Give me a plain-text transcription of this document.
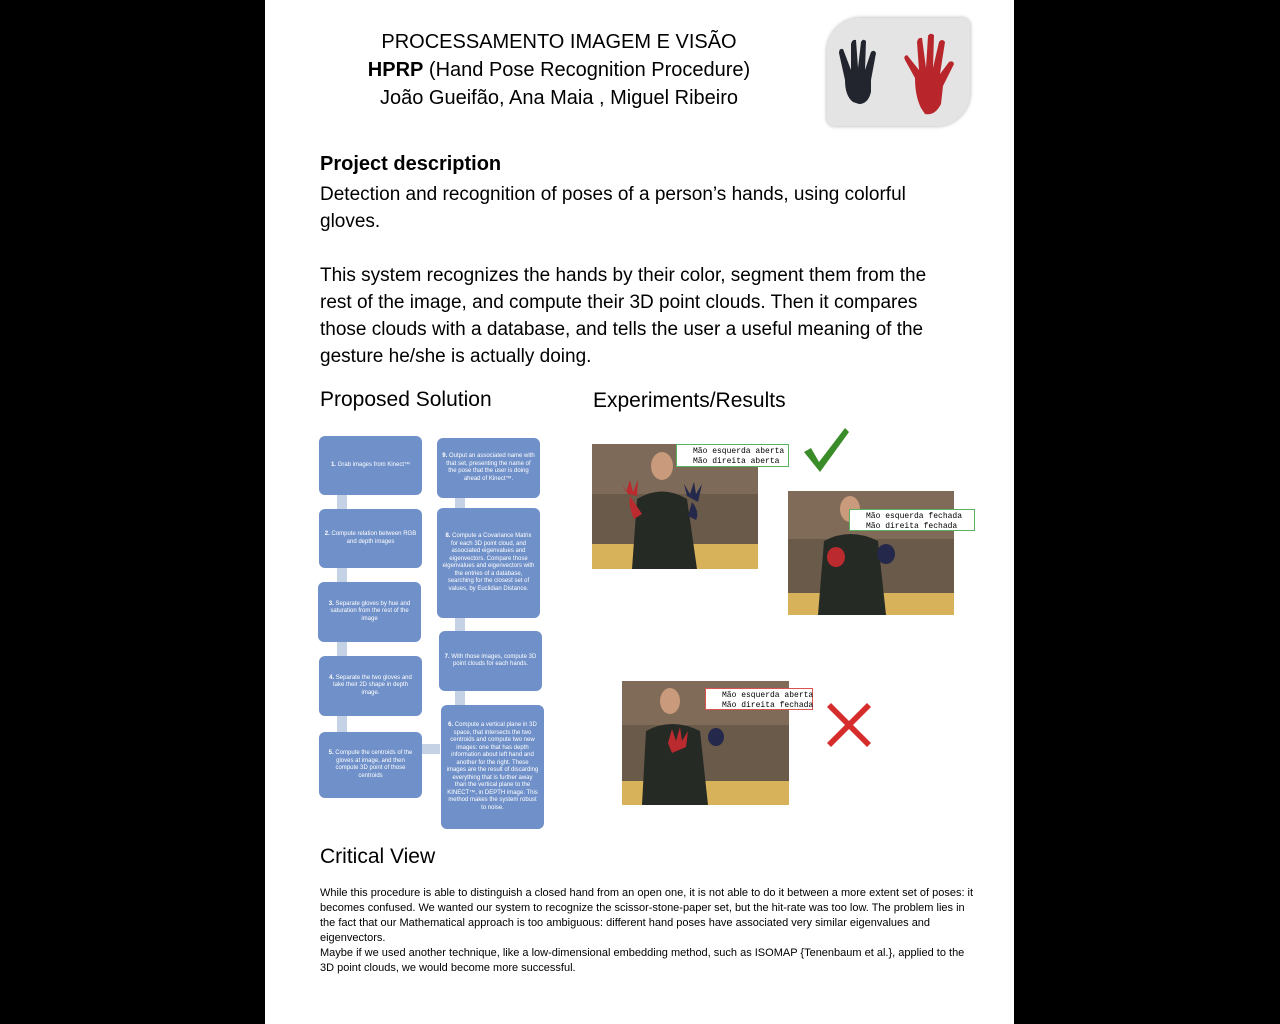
PROCESSAMENTO IMAGEM E VISÃO
HPRP (Hand Pose Recognition Procedure)
João Gueifão, Ana Maia , Miguel Ribeiro
Project description
Detection and recognition of poses of a person’s hands, using colorful gloves.
This system recognizes the hands by their color, segment them from the rest of the image, and compute their 3D point clouds. Then it compares those clouds with a database, and tells the user a useful meaning of the gesture he/she is actually doing.
Proposed Solution	Experiments/Results
1. Grab images from Kinect™
2. Compute relation between RGB and depth images
3. Separate gloves by hue and saturation from the rest of the image
4. Separate the two gloves and take their 2D shape in depth image.
5. Compute the centroids of the gloves at image, and then compute 3D point of those centroids
6. Compute a vertical plane in 3D space, that intersects the two centroids and compute two new images: one that has depth information about left hand and another for the right. These images are the result of discarding everything that is further away than the vertical plane to the KINECT™, in DEPTH image. This method makes the system robust to noise.
7. With those images, compute 3D point clouds for each hands.
8. Compute a Covariance Matrix for each 3D point cloud, and associated eigenvalues and eigenvectors. Compare those eigenvalues and eigenvectors with the entries of a database, searching for the closest set of values, by Euclidian Distance.
9. Output an associated name with that set, presenting the name of the pose that the user is doing ahead of Kinect™.
Mão esquerda aberta
Mão direita aberta
Mão esquerda fechada
Mão direita fechada
Mão esquerda aberta
Mão direita fechada
Critical View
While this procedure is able to distinguish a closed hand from an open one, it is not able to do it between a more extent set of poses: it becomes confused. We wanted our system to recognize the scissor-stone-paper set, but the hit-rate was too low. The problem lies in the fact that our Mathematical approach is too ambiguous: different hand poses have associated very similar eigenvalues and eigenvectors.
Maybe if we used another technique, like a low-dimensional embedding method, such as ISOMAP {Tenenbaum et al.}, applied to the 3D point clouds, we would become more successful.
